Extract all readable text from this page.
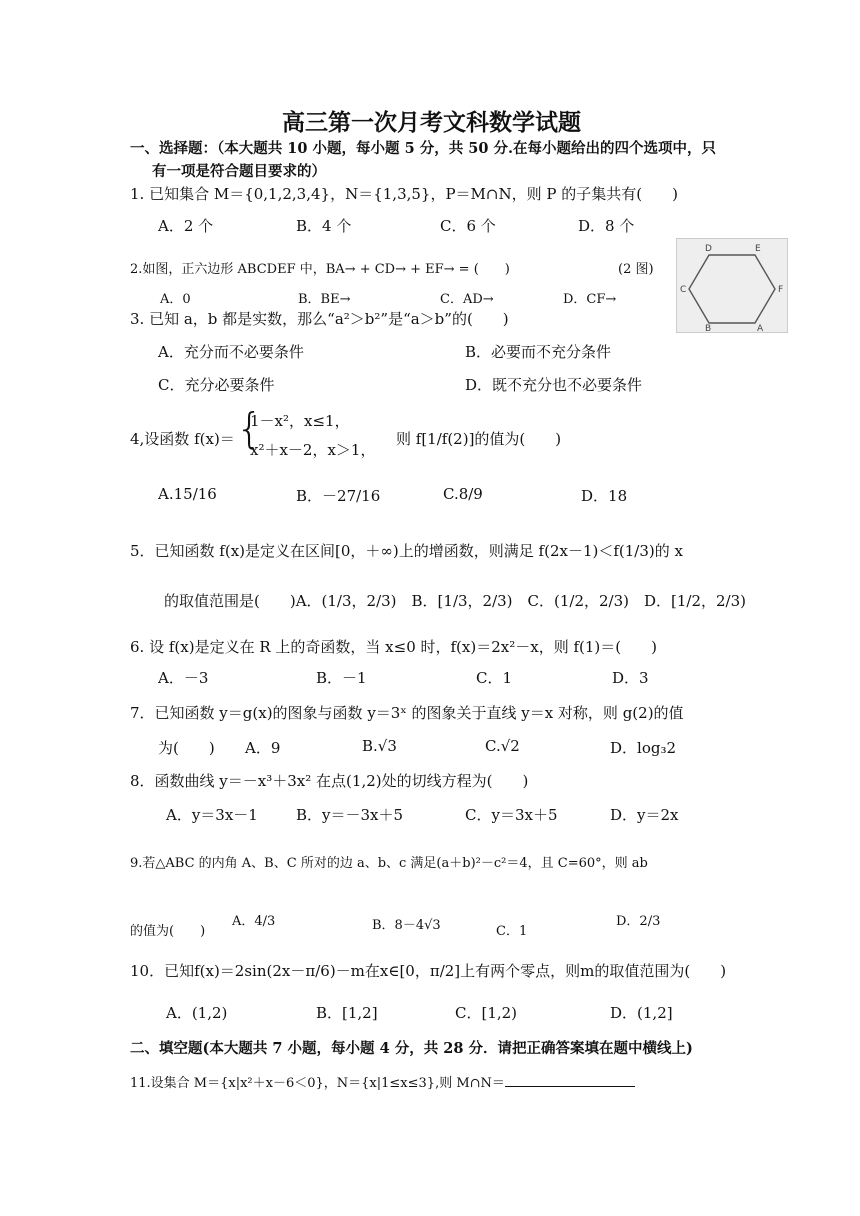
高三第一次月考文科数学试题
一、选择题：（本大题共 10 小题，每小题 5 分，共 50 分.在每小题给出的四个选项中，只
有一项是符合题目要求的）
1. 已知集合 M＝{0,1,2,3,4}，N＝{1,3,5}，P＝M∩N，则 P 的子集共有(　　)
A．2 个	B．4 个	C．6 个	D．8 个
2.如图，正六边形 ABCDEF 中，BA→ + CD→ + EF→ = (　　)	(2 图)
A．0	B．BE→	C．AD→	D．CF→
D	E
C	F
B	A
3. 已知 a，b 都是实数，那么“a²＞b²”是“a＞b”的(　　)
A．充分而不必要条件	B．必要而不充分条件
C．充分必要条件	D．既不充分也不必要条件
4,设函数 f(x)＝ {
1－x²，x≤1，
x²＋x－2，x＞1，
则 f[1/f(2)]的值为(　　)
A.15/16	B．－27/16	C.8/9	D．18
5．已知函数 f(x)是定义在区间[0，＋∞)上的增函数，则满足 f(2x－1)＜f(1/3)的 x
的取值范围是(　　)A．(1/3，2/3)　B．[1/3，2/3)　C．(1/2，2/3)　D．[1/2，2/3)
6. 设 f(x)是定义在 R 上的奇函数，当 x≤0 时，f(x)＝2x²－x，则 f(1)＝(　　)
A．－3	B．－1	C．1	D．3
7．已知函数 y＝g(x)的图象与函数 y＝3ˣ 的图象关于直线 y＝x 对称，则 g(2)的值
为(　　) A．9	B.√3	C.√2	D．log₃2
8．函数曲线 y＝－x³＋3x² 在点(1,2)处的切线方程为(　　)
A．y＝3x－1	B．y＝－3x＋5	C．y＝3x＋5	D．y＝2x
9.若△ABC 的内角 A、B、C 所对的边 a、b、c 满足(a＋b)²－c²＝4，且 C=60°，则 ab
的值为(　　)
A．4/3	B．8－4√3	C．1
D．2/3
10．已知f(x)＝2sin(2x－π/6)－m在x∈[0，π/2]上有两个零点，则m的取值范围为(　　)
A．(1,2)	B．[1,2]	C．[1,2)	D．(1,2]
二、填空题(本大题共 7 小题，每小题 4 分，共 28 分．请把正确答案填在题中横线上)
11.设集合 M＝{x|x²＋x－6＜0}，N＝{x|1≤x≤3},则 M∩N＝
